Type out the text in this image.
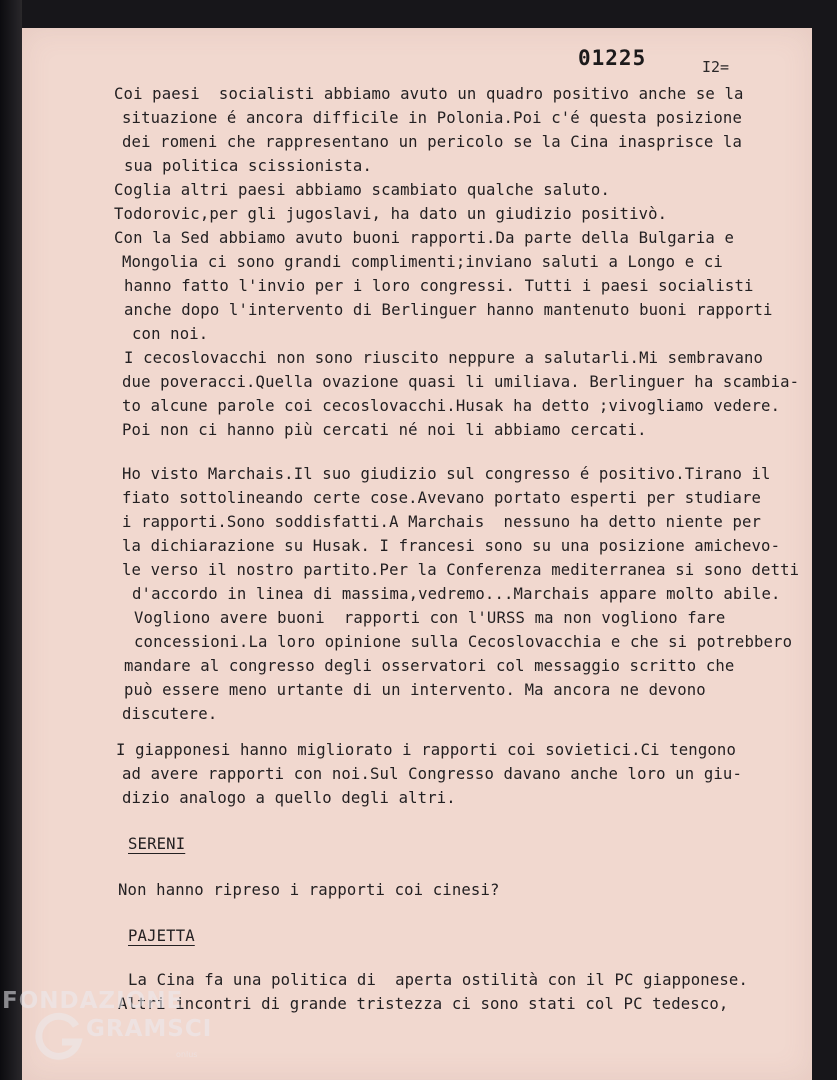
01225	I2=
Coi paesi  socialisti abbiamo avuto un quadro positivo anche se la
situazione é ancora difficile in Polonia.Poi c'é questa posizione
dei romeni che rappresentano un pericolo se la Cina inasprisce la
sua politica scissionista.
Coglia altri paesi abbiamo scambiato qualche saluto.
Todorovic,per gli jugoslavi, ha dato un giudizio positivò.
Con la Sed abbiamo avuto buoni rapporti.Da parte della Bulgaria e
Mongolia ci sono grandi complimenti;inviano saluti a Longo e ci
hanno fatto l'invio per i loro congressi. Tutti i paesi socialisti
anche dopo l'intervento di Berlinguer hanno mantenuto buoni rapporti
con noi.
I cecoslovacchi non sono riuscito neppure a salutarli.Mi sembravano
due poveracci.Quella ovazione quasi li umiliava. Berlinguer ha scambia-
to alcune parole coi cecoslovacchi.Husak ha detto ;vivogliamo vedere.
Poi non ci hanno più cercati né noi li abbiamo cercati.
Ho visto Marchais.Il suo giudizio sul congresso é positivo.Tirano il
fiato sottolineando certe cose.Avevano portato esperti per studiare
i rapporti.Sono soddisfatti.A Marchais  nessuno ha detto niente per
la dichiarazione su Husak. I francesi sono su una posizione amichevo-
le verso il nostro partito.Per la Conferenza mediterranea si sono detti
d'accordo in linea di massima,vedremo...Marchais appare molto abile.
Vogliono avere buoni  rapporti con l'URSS ma non vogliono fare
concessioni.La loro opinione sulla Cecoslovacchia e che si potrebbero
mandare al congresso degli osservatori col messaggio scritto che
può essere meno urtante di un intervento. Ma ancora ne devono
discutere.
I giapponesi hanno migliorato i rapporti coi sovietici.Ci tengono
ad avere rapporti con noi.Sul Congresso davano anche loro un giu-
dizio analogo a quello degli altri.
SERENI
Non hanno ripreso i rapporti coi cinesi?
PAJETTA
La Cina fa una politica di  aperta ostilità con il PC giapponese.
Altri incontri di grande tristezza ci sono stati col PC tedesco,
FONDAZIONE
GRAMSCI
onlus
